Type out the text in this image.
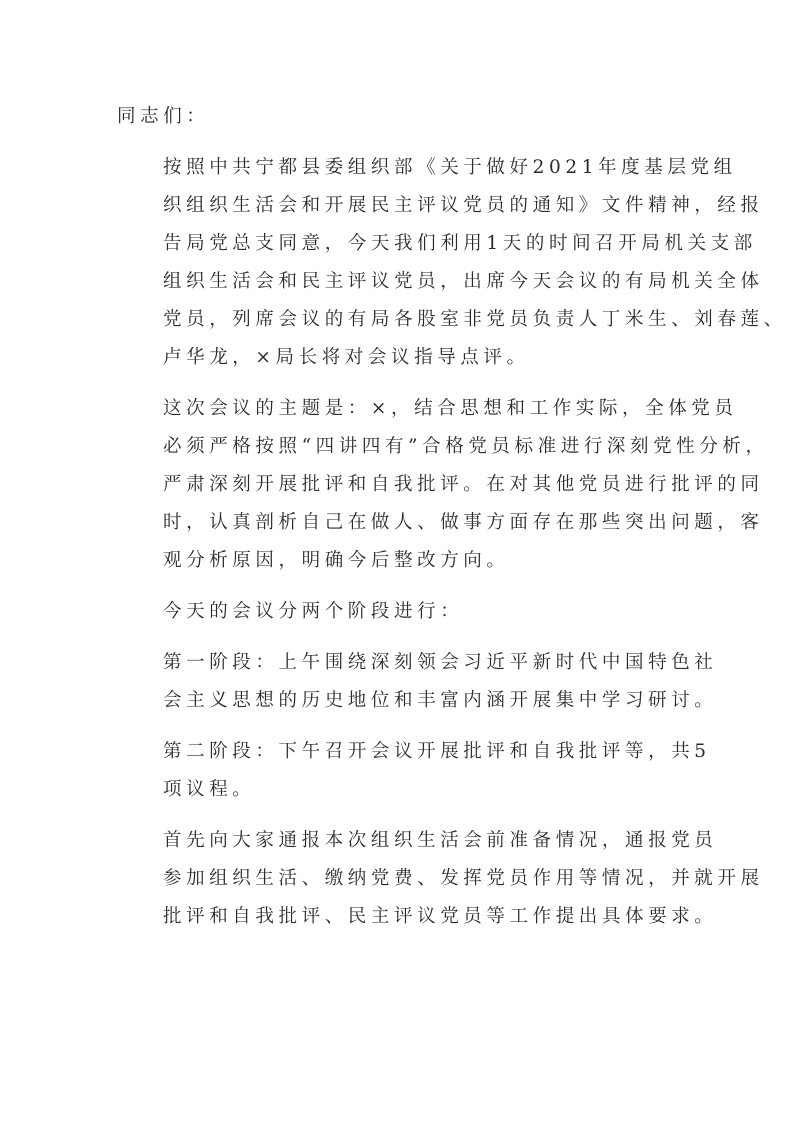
同志们：

按照中共宁都县委组织部《关于做好2021年度基层党组
织组织生活会和开展民主评议党员的通知》文件精神，经报
告局党总支同意，今天我们利用1天的时间召开局机关支部
组织生活会和民主评议党员，出席今天会议的有局机关全体
党员，列席会议的有局各股室非党员负责人丁米生、刘春莲、
卢华龙，×局长将对会议指导点评。

这次会议的主题是：×，结合思想和工作实际，全体党员
必须严格按照“四讲四有”合格党员标准进行深刻党性分析，
严肃深刻开展批评和自我批评。在对其他党员进行批评的同
时，认真剖析自己在做人、做事方面存在那些突出问题，客
观分析原因，明确今后整改方向。

今天的会议分两个阶段进行：

第一阶段：上午围绕深刻领会习近平新时代中国特色社
会主义思想的历史地位和丰富内涵开展集中学习研讨。

第二阶段：下午召开会议开展批评和自我批评等，共5
项议程。

首先向大家通报本次组织生活会前准备情况，通报党员
参加组织生活、缴纳党费、发挥党员作用等情况，并就开展
批评和自我批评、民主评议党员等工作提出具体要求。
